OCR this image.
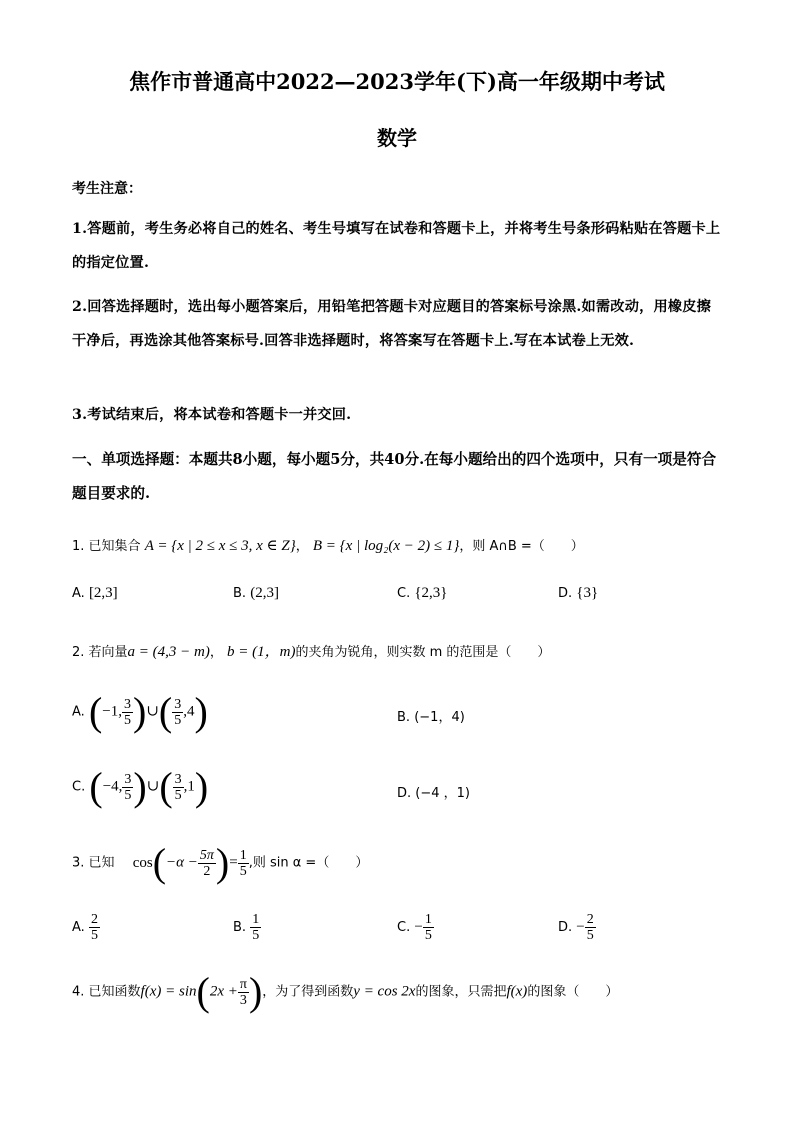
焦作市普通高中2022—2023学年(下)高一年级期中考试
数学
考生注意：
1.答题前，考生务必将自己的姓名、考生号填写在试卷和答题卡上，并将考生号条形码粘贴在答题卡上的指定位置.
2.回答选择题时，选出每小题答案后，用铅笔把答题卡对应题目的答案标号涂黑.如需改动，用橡皮擦干净后，再选涂其他答案标号.回答非选择题时，将答案写在答题卡上.写在本试卷上无效.
3.考试结束后，将本试卷和答题卡一并交回.
一、单项选择题：本题共8小题，每小题5分，共40分.在每小题给出的四个选项中，只有一项是符合题目要求的.
1. 已知集合 A = {x | 2 ≤ x ≤ 3, x ∈ Z}， B = {x | log₂(x − 2) ≤ 1}，则 A∩B =（　　）
A. [2,3]	B. (2,3]	C. {2,3}	D. {3}
2. 若向量a = (4,3 − m)， b = (1，m)的夹角为锐角，则实数 m 的范围是（　　）
A. (−1, $\frac{3}{5}$ )∪( $\frac{3}{5} ,4$)	B. (−1，4)
C. (−4, $\frac{3}{5}$ )∪( $\frac{3}{5} ,1$)	D. (−4 ，1)
3. 已知 $\cos(-\alpha - \frac{5\pi}{2}$ )= $\frac{1}{5}$ ,则 sin α =（　　）
A. $\frac{2}{5}$	B. $\frac{1}{5}$	C. − $\frac{1}{5}$	D. − $\frac{2}{5}$
4. 已知函数$f(x) = \sin(2x + \frac{\pi}{3}$ )，为了得到函数y = cos 2x的图象，只需把f(x)的图象（　　）
